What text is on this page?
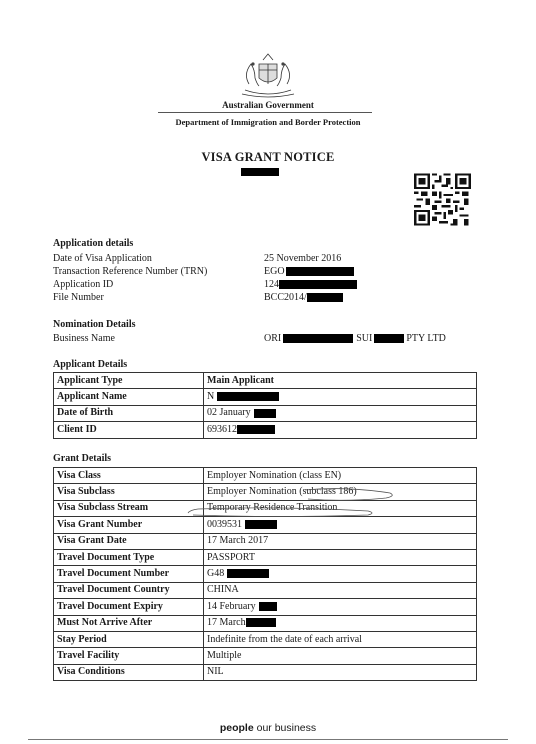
Australian Government
Department of Immigration and Border Protection
VISA GRANT NOTICE
Application details
Date of Visa Application	25 November 2016
Transaction Reference Number (TRN)	EGO
Application ID	124
File Number	BCC2014/
Nomination Details
Business Name	ORI	SUI	PTY LTD
Applicant Details
Applicant Type	Main Applicant
Applicant Name	N
Date of Birth	02 January
Client ID	693612
Grant Details
Visa Class	Employer Nomination (class EN)
Visa Subclass	Employer Nomination (subclass 186)
Visa Subclass Stream	Temporary Residence Transition
Visa Grant Number	0039531
Visa Grant Date	17 March 2017
Travel Document Type	PASSPORT
Travel Document Number	G48
Travel Document Country	CHINA
Travel Document Expiry	14 February
Must Not Arrive After	17 March
Stay Period	Indefinite from the date of each arrival
Travel Facility	Multiple
Visa Conditions	NIL
people our business
